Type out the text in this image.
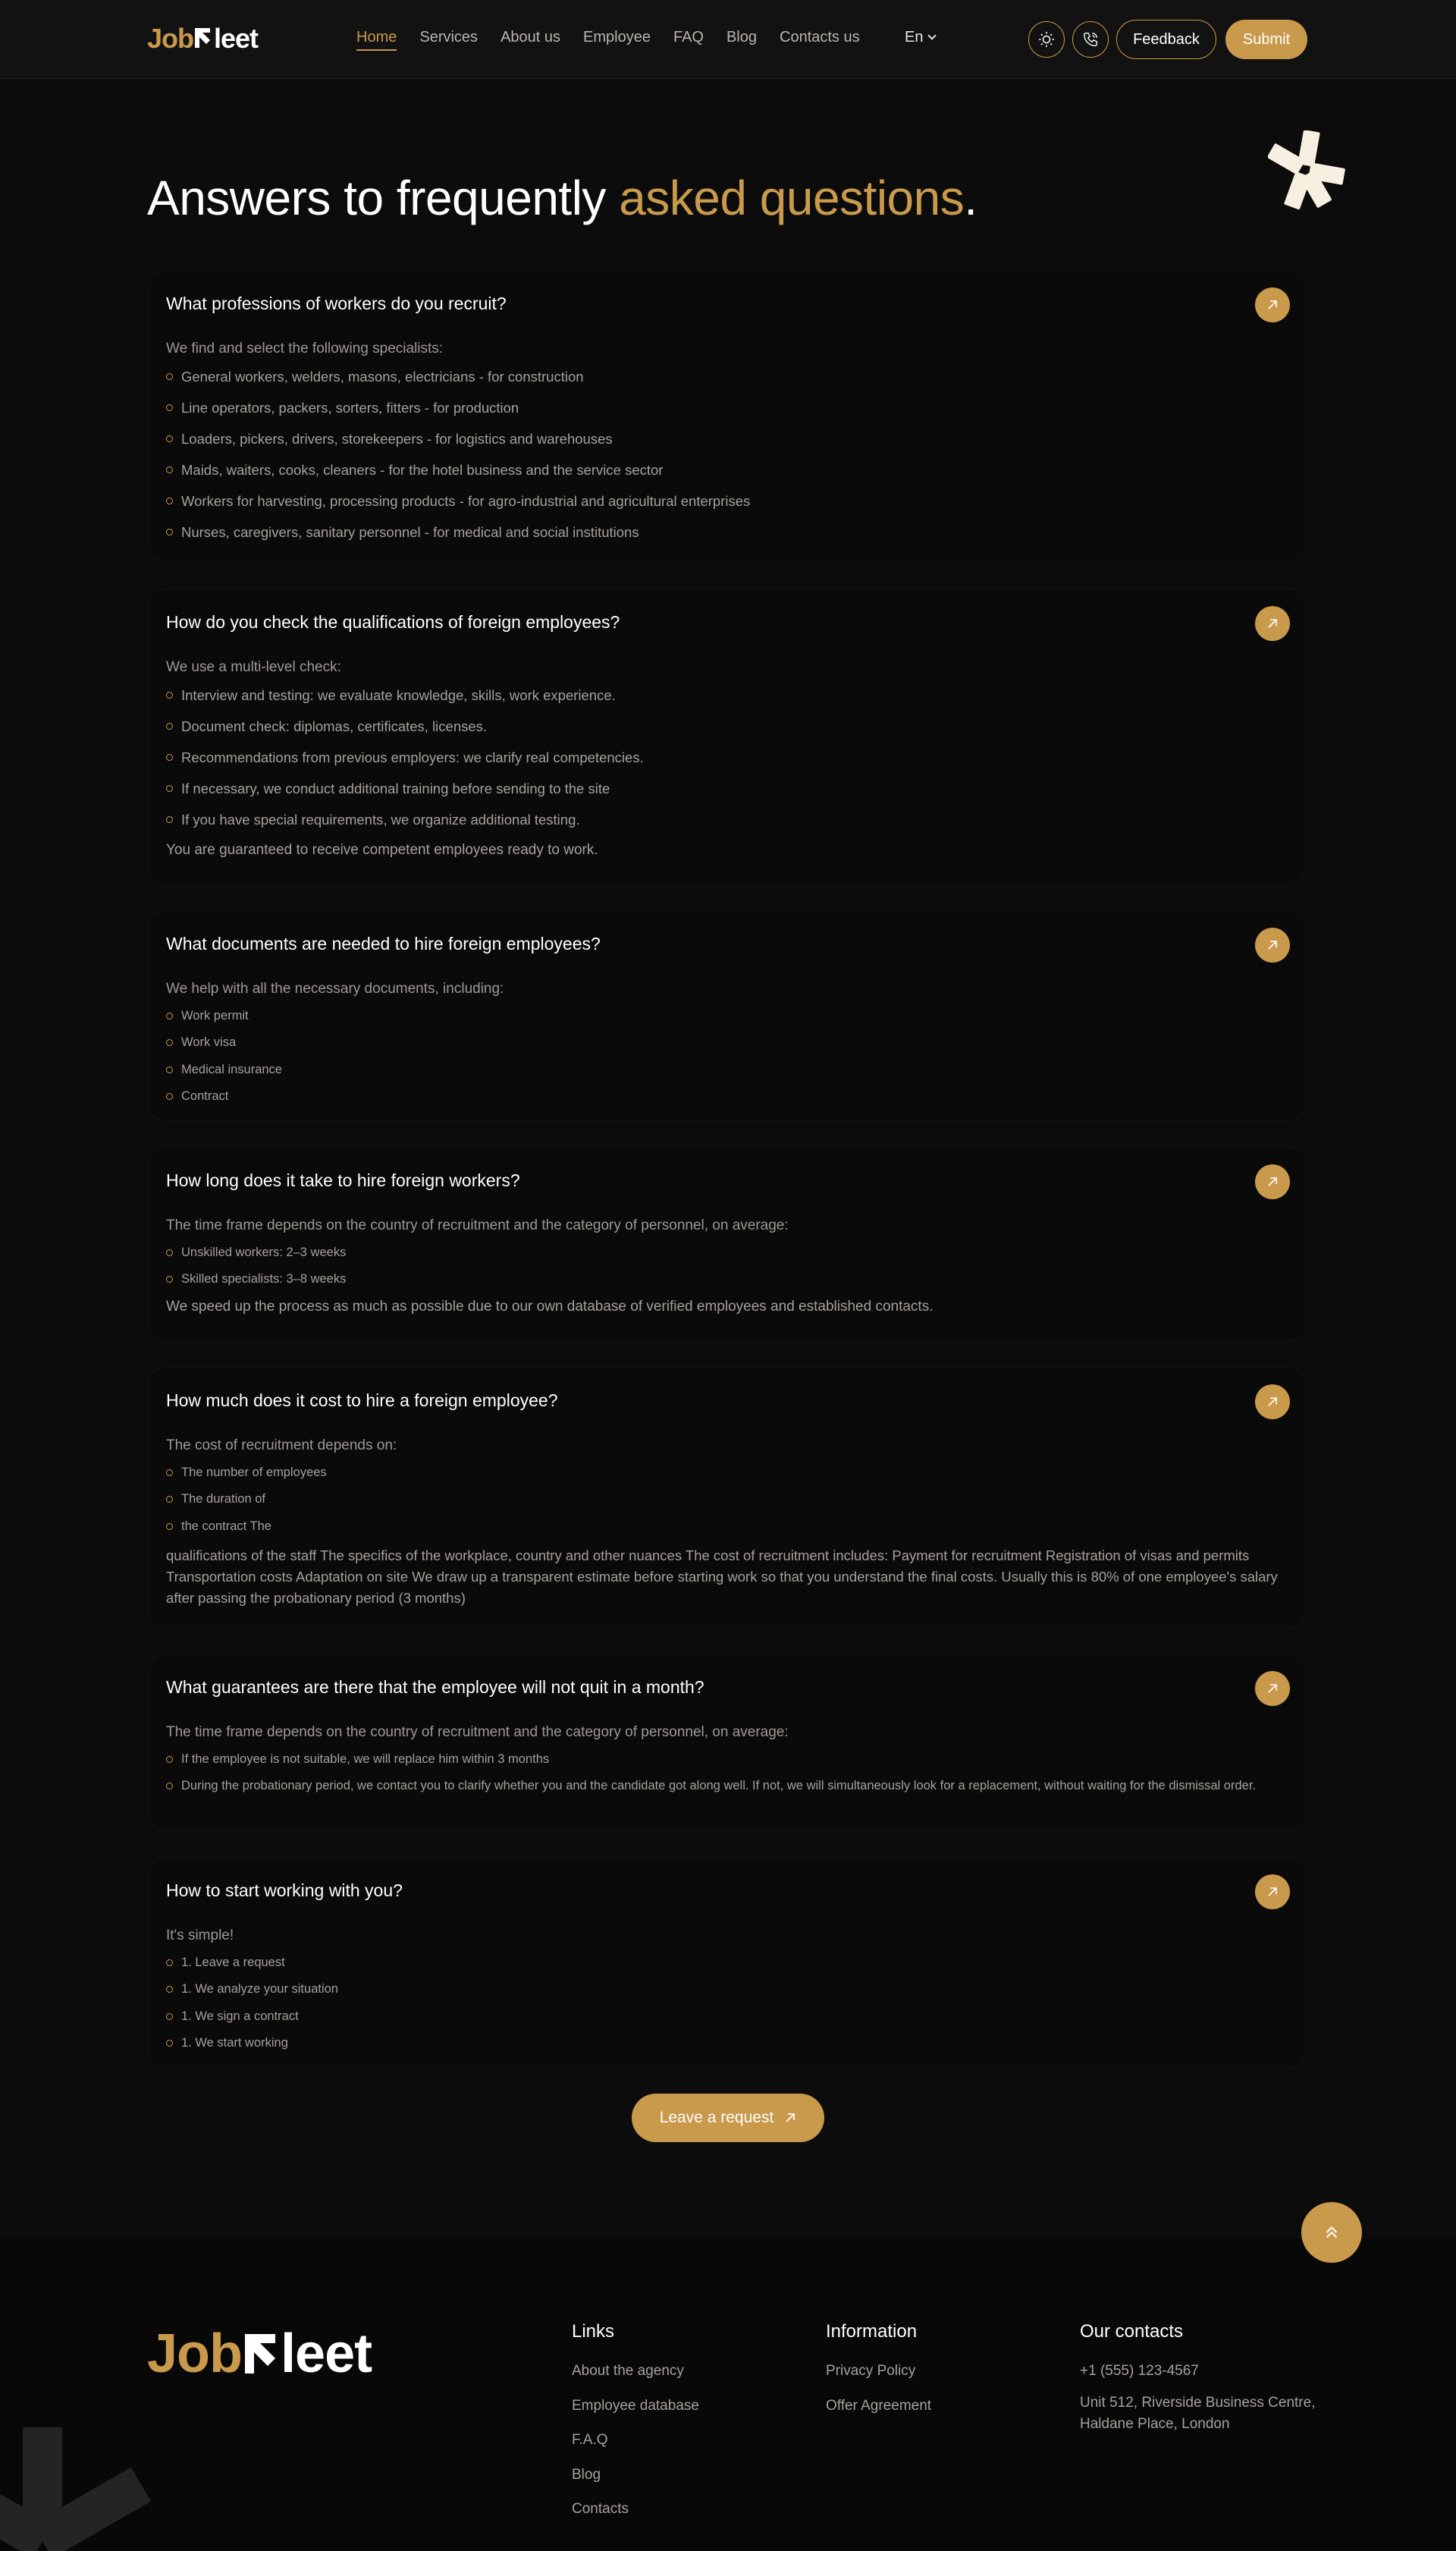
Job leet	Home Services About us Employee FAQ Blog Contacts us	En	Feedback	Submit
Answers to frequently asked questions.
What professions of workers do you recruit?

We find and select the following specialists:

General workers, welders, masons, electricians - for construction
Line operators, packers, sorters, fitters - for production
Loaders, pickers, drivers, storekeepers - for logistics and warehouses
Maids, waiters, cooks, cleaners - for the hotel business and the service sector
Workers for harvesting, processing products - for agro-industrial and agricultural enterprises
Nurses, caregivers, sanitary personnel - for medical and social institutions
How do you check the qualifications of foreign employees?

We use a multi-level check:

Interview and testing: we evaluate knowledge, skills, work experience.
Document check: diplomas, certificates, licenses.
Recommendations from previous employers: we clarify real competencies.
If necessary, we conduct additional training before sending to the site
If you have special requirements, we organize additional testing.

You are guaranteed to receive competent employees ready to work.

What documents are needed to hire foreign employees?

We help with all the necessary documents, including:

Work permit
Work visa
Medical insurance
Contract
How long does it take to hire foreign workers?

The time frame depends on the country of recruitment and the category of personnel, on average:

Unskilled workers: 2–3 weeks
Skilled specialists: 3–8 weeks

We speed up the process as much as possible due to our own database of verified employees and established contacts.

How much does it cost to hire a foreign employee?

The cost of recruitment depends on:

The number of employees
The duration of
the contract The

qualifications of the staff The specifics of the workplace, country and other nuances The cost of recruitment includes: Payment for recruitment Registration of visas and permits Transportation costs Adaptation on site We draw up a transparent estimate before starting work so that you understand the final costs. Usually this is 80% of one employee's salary after passing the probationary period (3 months)

What guarantees are there that the employee will not quit in a month?

The time frame depends on the country of recruitment and the category of personnel, on average:

If the employee is not suitable, we will replace him within 3 months
During the probationary period, we contact you to clarify whether you and the candidate got along well. If not, we will simultaneously look for a replacement, without waiting for the dismissal order.
How to start working with you?

It's simple!

1. Leave a request
1. We analyze your situation
1. We sign a contract
1. We start working
Leave a request
Job leet	Links
About the agency
Employee database
F.A.Q
Blog
Contacts
Information
Privacy Policy
Offer Agreement
Our contacts
+1 (555) 123-4567

Unit 512, Riverside Business Centre, Haldane Place, London
